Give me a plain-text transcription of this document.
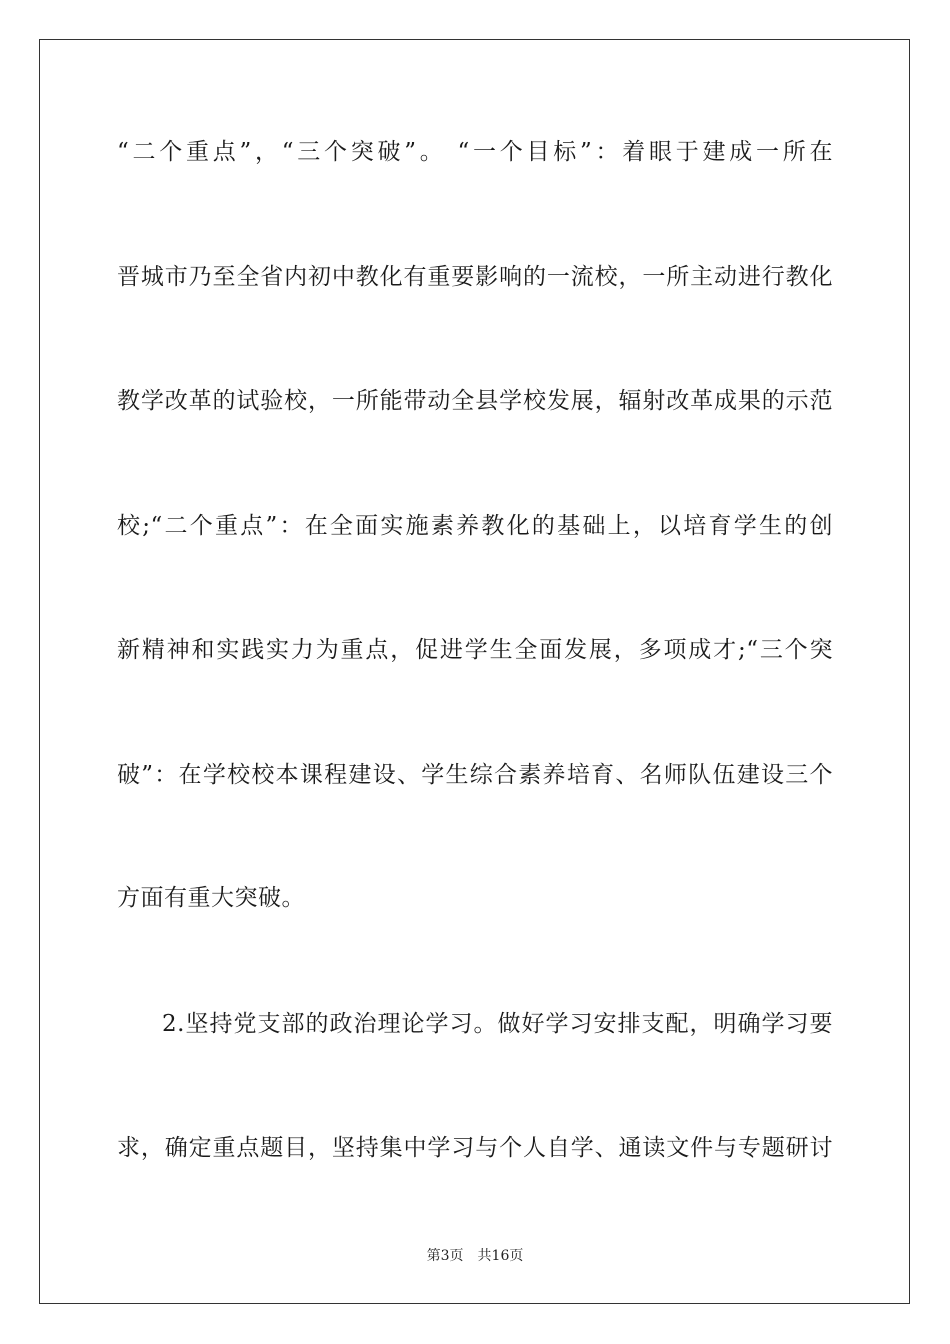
“二个重点”，“三个突破”。 “一个目标”：着眼于建成一所在
晋城市乃至全省内初中教化有重要影响的一流校，一所主动进行教化
教学改革的试验校，一所能带动全县学校发展，辐射改革成果的示范
校;“二个重点”：在全面实施素养教化的基础上，以培育学生的创
新精神和实践实力为重点，促进学生全面发展，多项成才;“三个突
破”：在学校校本课程建设、学生综合素养培育、名师队伍建设三个
方面有重大突破。
2.坚持党支部的政治理论学习。做好学习安排支配，明确学习要
求，确定重点题目，坚持集中学习与个人自学、通读文件与专题研讨
第3页 共16页
